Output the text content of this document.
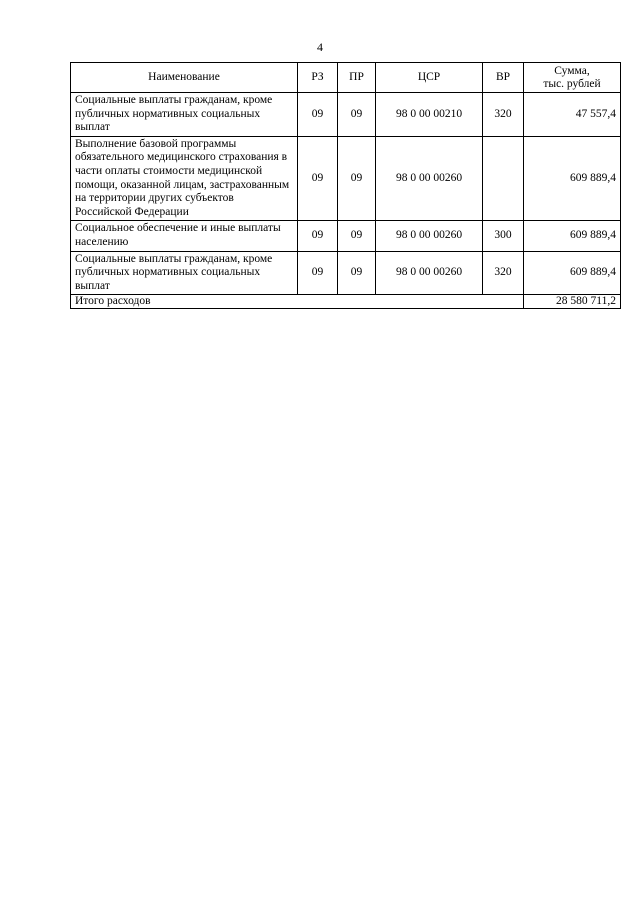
4
Наименование	РЗ	ПР	ЦСР	ВР	Сумма,
тыс. рублей

Социальные выплаты гражданам, кроме публичных нормативных социальных выплат	09	09	98 0 00 00210	320	47 557,4
Выполнение базовой программы обязательного медицинского страхования в части оплаты стоимости медицинской помощи, оказанной лицам, застрахованным на территории других субъектов Российской Федерации	09	09	98 0 00 00260		609 889,4
Социальное обеспечение и иные выплаты населению	09	09	98 0 00 00260	300	609 889,4
Социальные выплаты гражданам, кроме публичных нормативных социальных выплат	09	09	98 0 00 00260	320	609 889,4
Итого расходов					28 580 711,2
